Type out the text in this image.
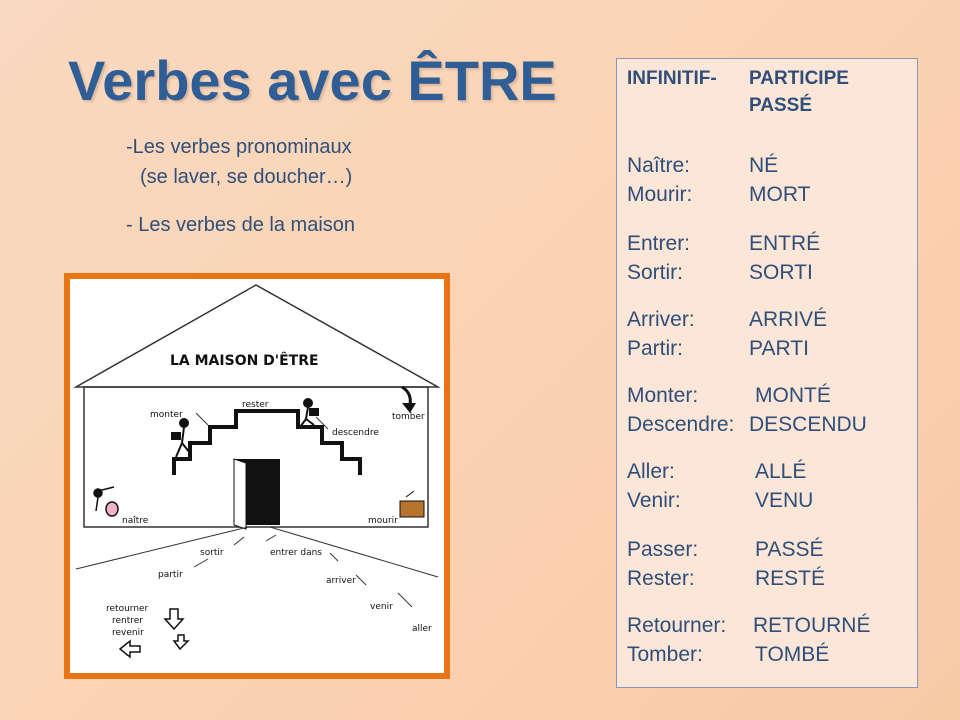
Verbes avec ÊTRE
-Les verbes pronominaux
(se laver, se doucher…)
- Les verbes de la maison
LA MAISON D'ÊTRE
monter
rester
descendre
tomber
naître	mourir
sortir	entrer dans
partir
arriver
venir
aller
retourner
rentrer
revenir
INFINITIF- PARTICIPE
PASSÉ
Naître:	NÉ
Mourir:	MORT
Entrer:	ENTRÉ
Sortir:	SORTI
Arriver:	ARRIVÉ
Partir:	PARTI
Monter:	MONTÉ
Descendre: DESCENDU
Aller:	ALLÉ
Venir:	VENU
Passer:	PASSÉ
Rester:	RESTÉ
Retourner: RETOURNÉ
Tomber: TOMBÉ
